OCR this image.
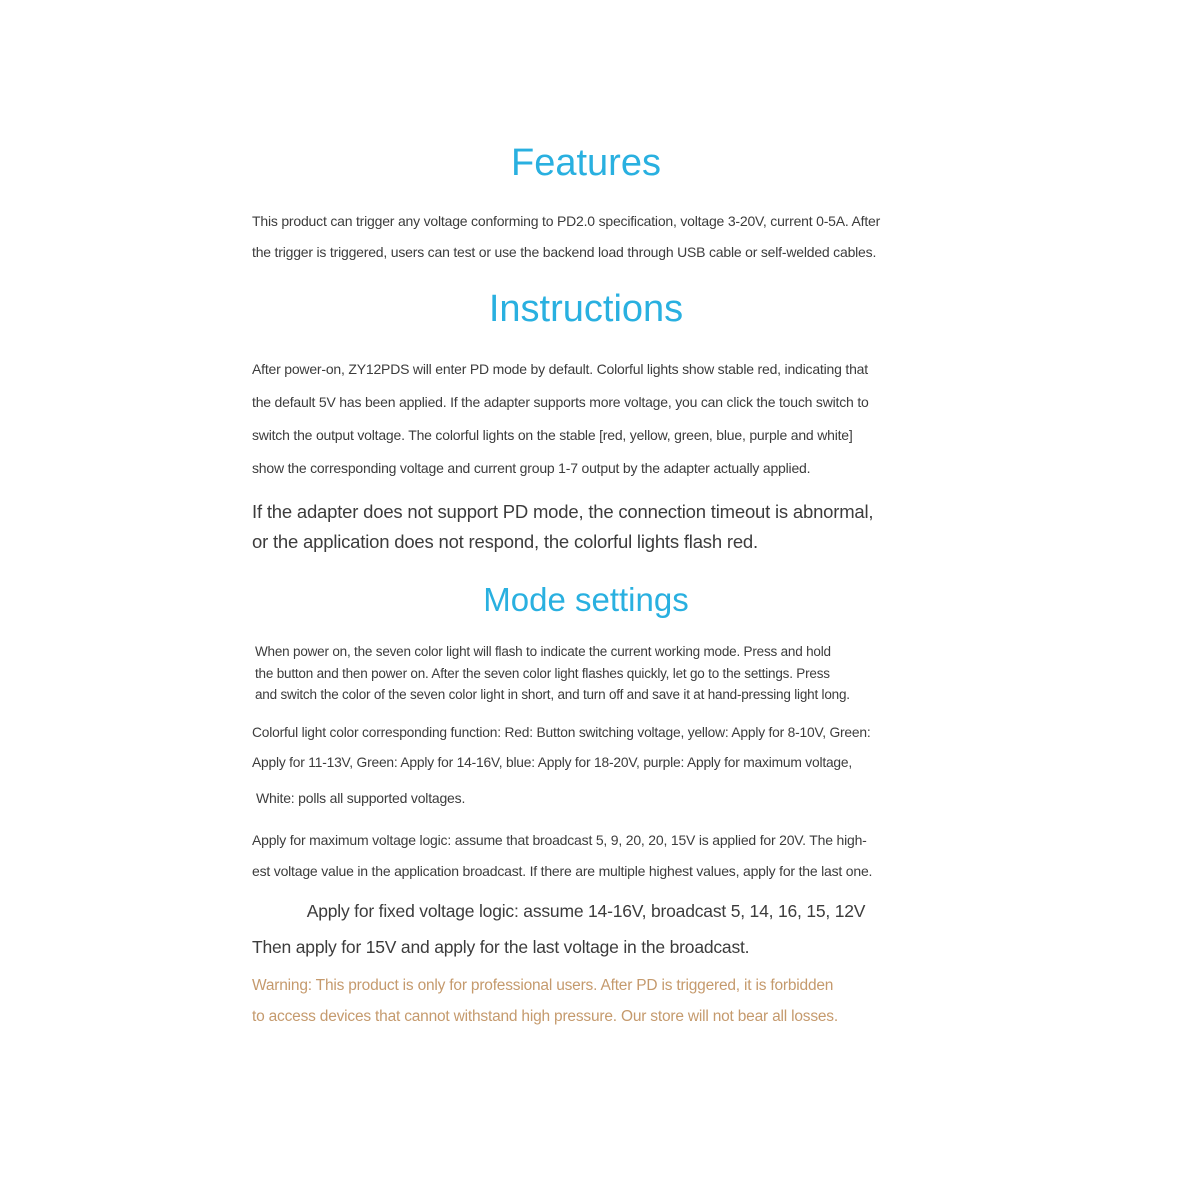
Features
This product can trigger any voltage conforming to PD2.0 specification, voltage 3-20V, current 0-5A. After
the trigger is triggered, users can test or use the backend load through USB cable or self-welded cables.
Instructions
After power-on, ZY12PDS will enter PD mode by default. Colorful lights show stable red, indicating that
the default 5V has been applied. If the adapter supports more voltage, you can click the touch switch to
switch the output voltage. The colorful lights on the stable [red, yellow, green, blue, purple and white]
show the corresponding voltage and current group 1-7 output by the adapter actually applied.
If the adapter does not support PD mode, the connection timeout is abnormal,
or the application does not respond, the colorful lights flash red.
Mode settings
When power on, the seven color light will flash to indicate the current working mode. Press and hold
the button and then power on. After the seven color light flashes quickly, let go to the settings. Press
and switch the color of the seven color light in short, and turn off and save it at hand-pressing light long.
Colorful light color corresponding function: Red: Button switching voltage, yellow: Apply for 8-10V, Green:
Apply for 11-13V, Green: Apply for 14-16V, blue: Apply for 18-20V, purple: Apply for maximum voltage,
White: polls all supported voltages.
Apply for maximum voltage logic: assume that broadcast 5, 9, 20, 20, 15V is applied for 20V. The high-
est voltage value in the application broadcast. If there are multiple highest values, apply for the last one.
Apply for fixed voltage logic: assume 14-16V, broadcast 5, 14, 16, 15, 12V
Then apply for 15V and apply for the last voltage in the broadcast.
Warning: This product is only for professional users. After PD is triggered, it is forbidden
to access devices that cannot withstand high pressure. Our store will not bear all losses.
